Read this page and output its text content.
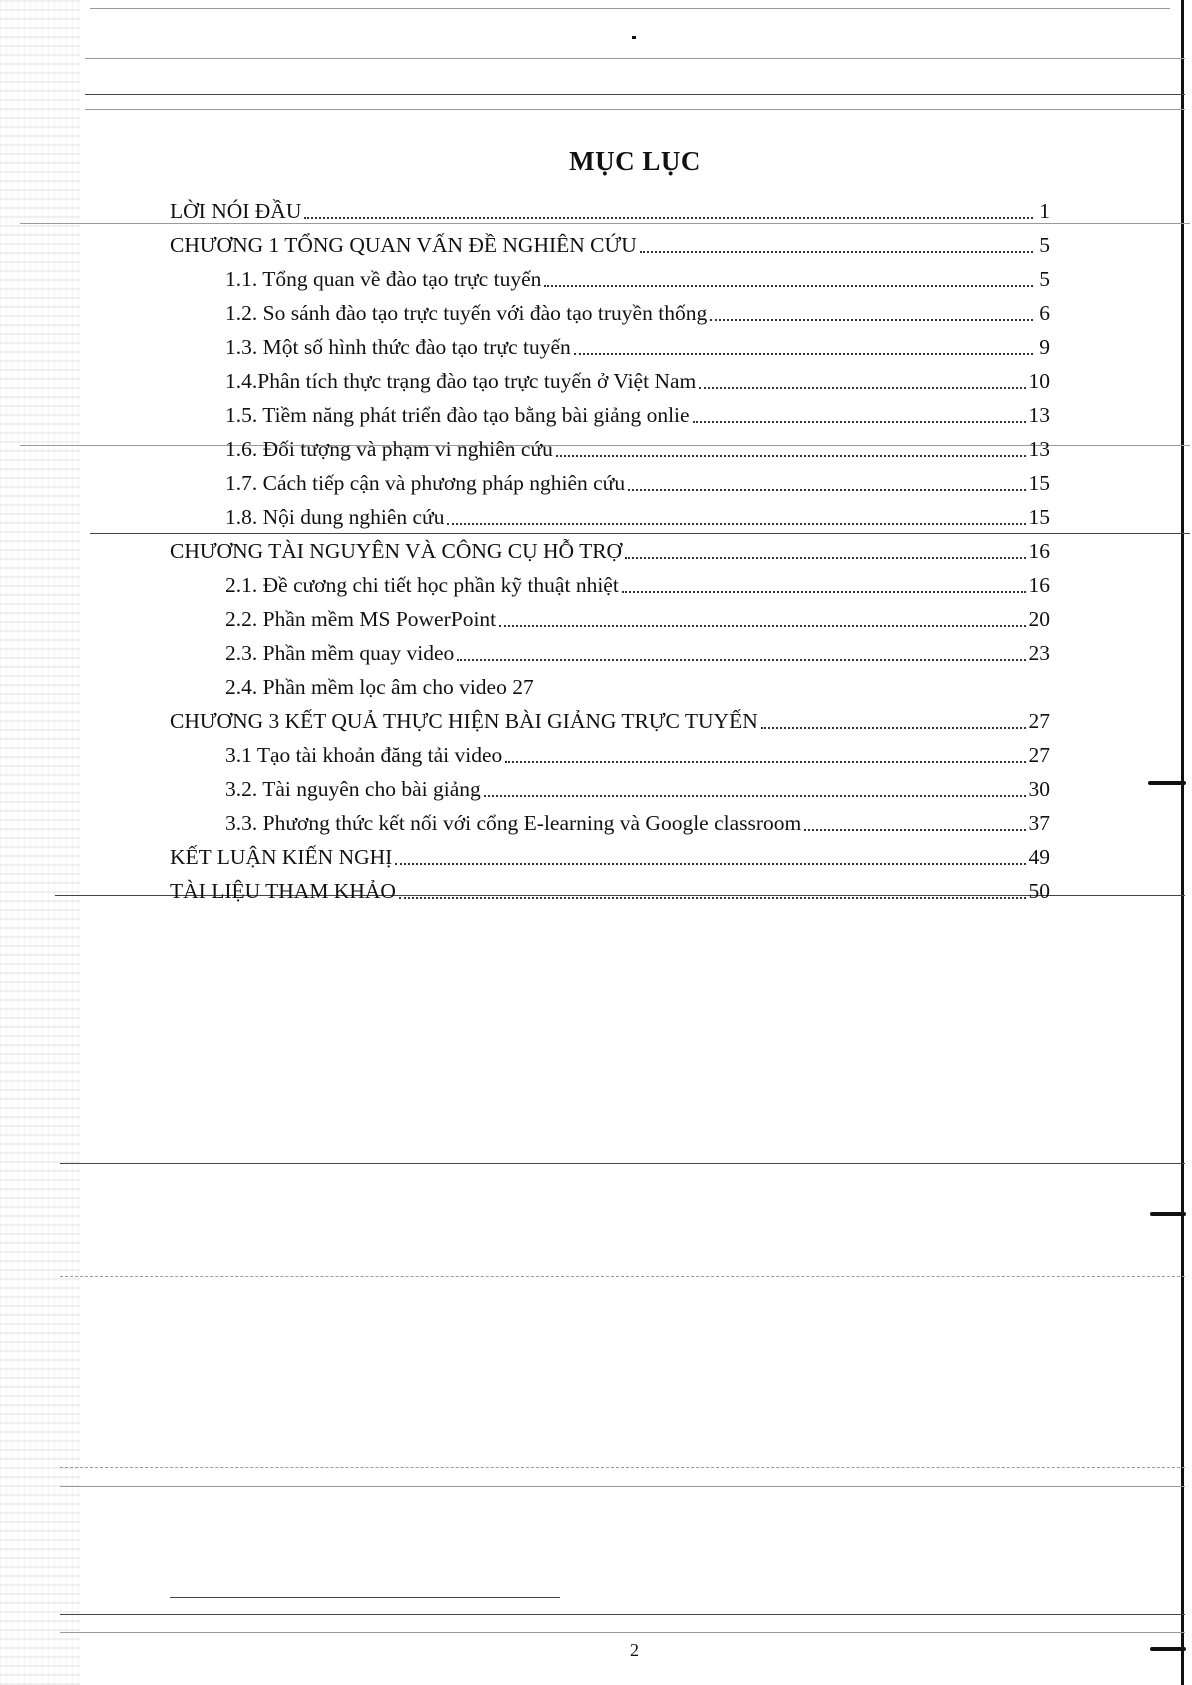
MỤC LỤC
LỜI NÓI ĐẦU	1
CHƯƠNG 1 TỔNG QUAN VẤN ĐỀ NGHIÊN CỨU	5
1.1. Tổng quan về đào tạo trực tuyến	5
1.2. So sánh đào tạo trực tuyến với đào tạo truyền thống	6
1.3. Một số hình thức đào tạo trực tuyến	9
1.4.Phân tích thực trạng đào tạo trực tuyến ở Việt Nam	10
1.5. Tiềm năng phát triển đào tạo bằng bài giảng onlie	13
1.6. Đối tượng và phạm vi nghiên cứu	13
1.7. Cách tiếp cận và phương pháp nghiên cứu	15
1.8. Nội dung nghiên cứu	15
CHƯƠNG TÀI NGUYÊN VÀ CÔNG CỤ HỖ TRỢ	16
2.1. Đề cương chi tiết học phần kỹ thuật nhiệt	16
2.2. Phần mềm MS PowerPoint	20
2.3. Phần mềm quay video	23
2.4. Phần mềm lọc âm cho video 27
CHƯƠNG 3 KẾT QUẢ THỰC HIỆN BÀI GIẢNG TRỰC TUYẾN	27
3.1 Tạo tài khoản đăng tải video	27
3.2. Tài nguyên cho bài giảng	30
3.3. Phương thức kết nối với cổng E-learning và Google classroom	37
KẾT LUẬN KIẾN NGHỊ	49
TÀI LIỆU THAM KHẢO	50
2
